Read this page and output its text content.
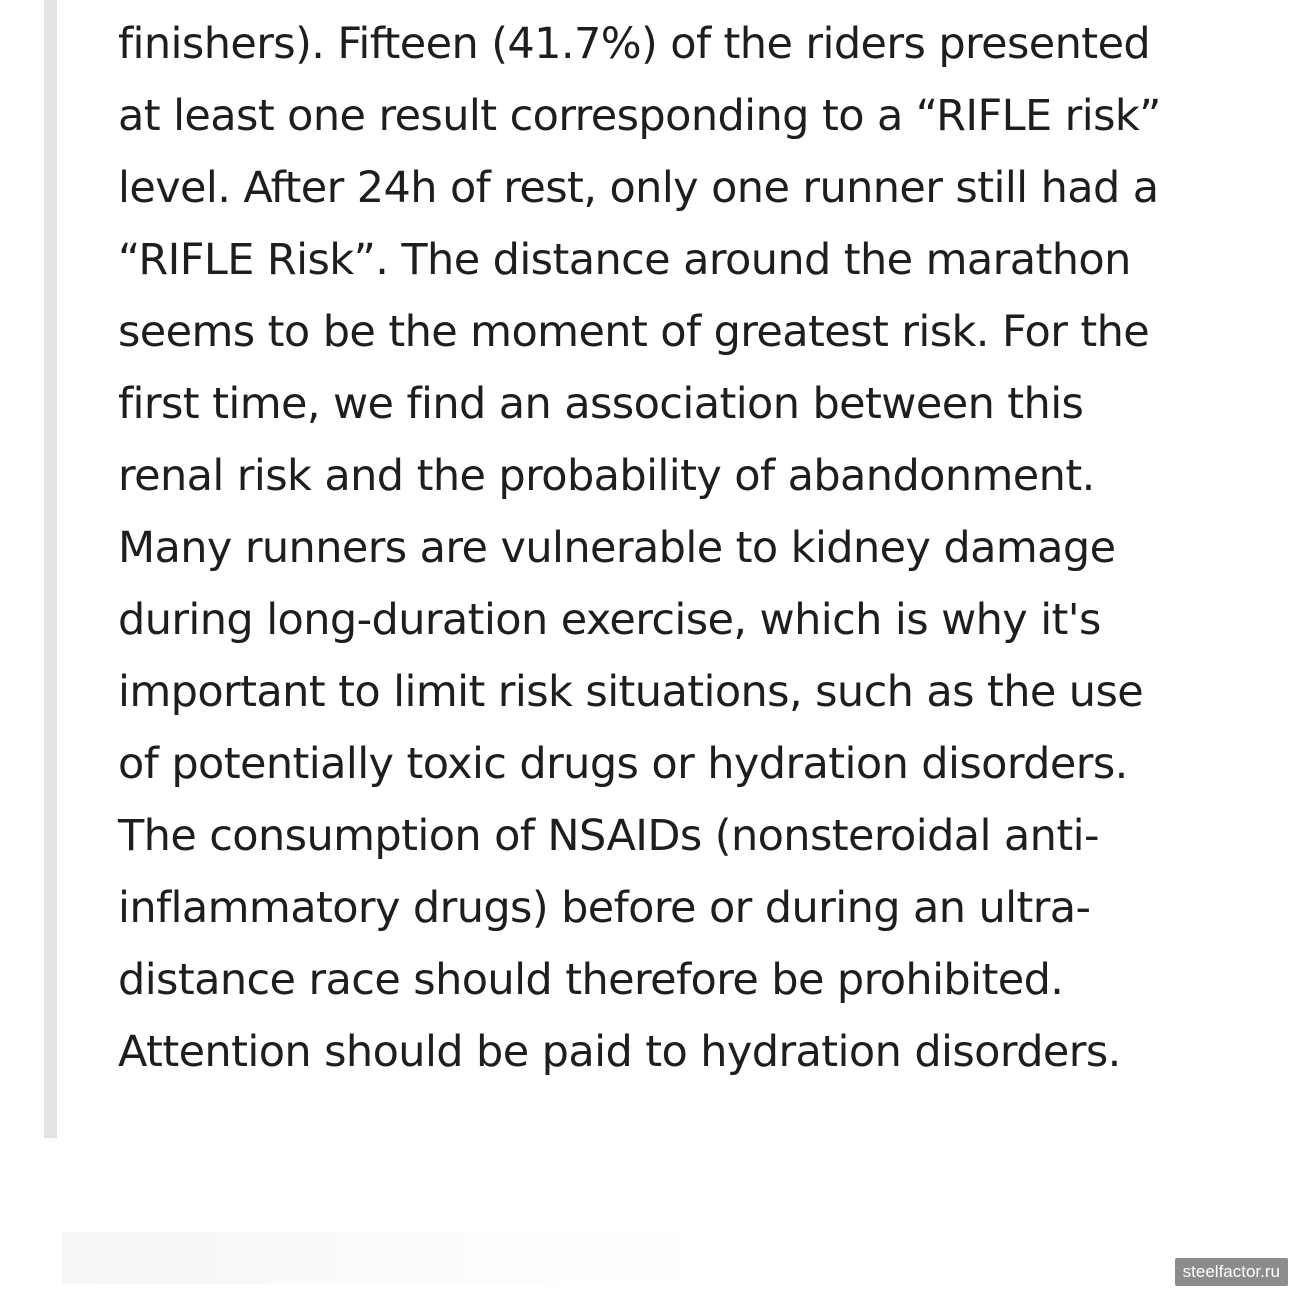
finishers). Fifteen (41.7%) of the riders presented
at least one result corresponding to a “RIFLE risk”
level. After 24h of rest, only one runner still had a
“RIFLE Risk”. The distance around the marathon
seems to be the moment of greatest risk. For the
first time, we find an association between this
renal risk and the probability of abandonment.
Many runners are vulnerable to kidney damage
during long-duration exercise, which is why it's
important to limit risk situations, such as the use
of potentially toxic drugs or hydration disorders.
The consumption of NSAIDs (nonsteroidal anti-
inflammatory drugs) before or during an ultra-
distance race should therefore be prohibited.
Attention should be paid to hydration disorders.

steelfactor.ru
